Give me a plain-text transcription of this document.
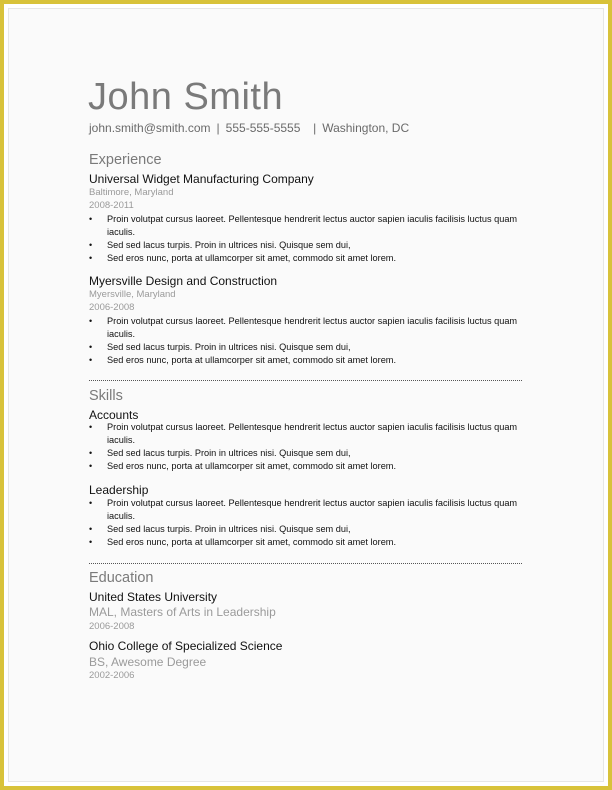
John Smith
john.smith@smith.com | 555-555-5555 | Washington, DC
Experience
Universal Widget Manufacturing Company
Baltimore, Maryland
2008-2011
• Proin volutpat cursus laoreet. Pellentesque hendrerit lectus auctor sapien iaculis facilisis luctus quam iaculis.
• Sed sed lacus turpis. Proin in ultrices nisi. Quisque sem dui,
• Sed eros nunc, porta at ullamcorper sit amet, commodo sit amet lorem.
Myersville Design and Construction
Myersville, Maryland
2006-2008
• Proin volutpat cursus laoreet. Pellentesque hendrerit lectus auctor sapien iaculis facilisis luctus quam iaculis.
• Sed sed lacus turpis. Proin in ultrices nisi. Quisque sem dui,
• Sed eros nunc, porta at ullamcorper sit amet, commodo sit amet lorem.
Skills
Accounts
• Proin volutpat cursus laoreet. Pellentesque hendrerit lectus auctor sapien iaculis facilisis luctus quam iaculis.
• Sed sed lacus turpis. Proin in ultrices nisi. Quisque sem dui,
• Sed eros nunc, porta at ullamcorper sit amet, commodo sit amet lorem.
Leadership
• Proin volutpat cursus laoreet. Pellentesque hendrerit lectus auctor sapien iaculis facilisis luctus quam iaculis.
• Sed sed lacus turpis. Proin in ultrices nisi. Quisque sem dui,
• Sed eros nunc, porta at ullamcorper sit amet, commodo sit amet lorem.
Education
United States University
MAL, Masters of Arts in Leadership
2006-2008
Ohio College of Specialized Science
BS, Awesome Degree
2002-2006
